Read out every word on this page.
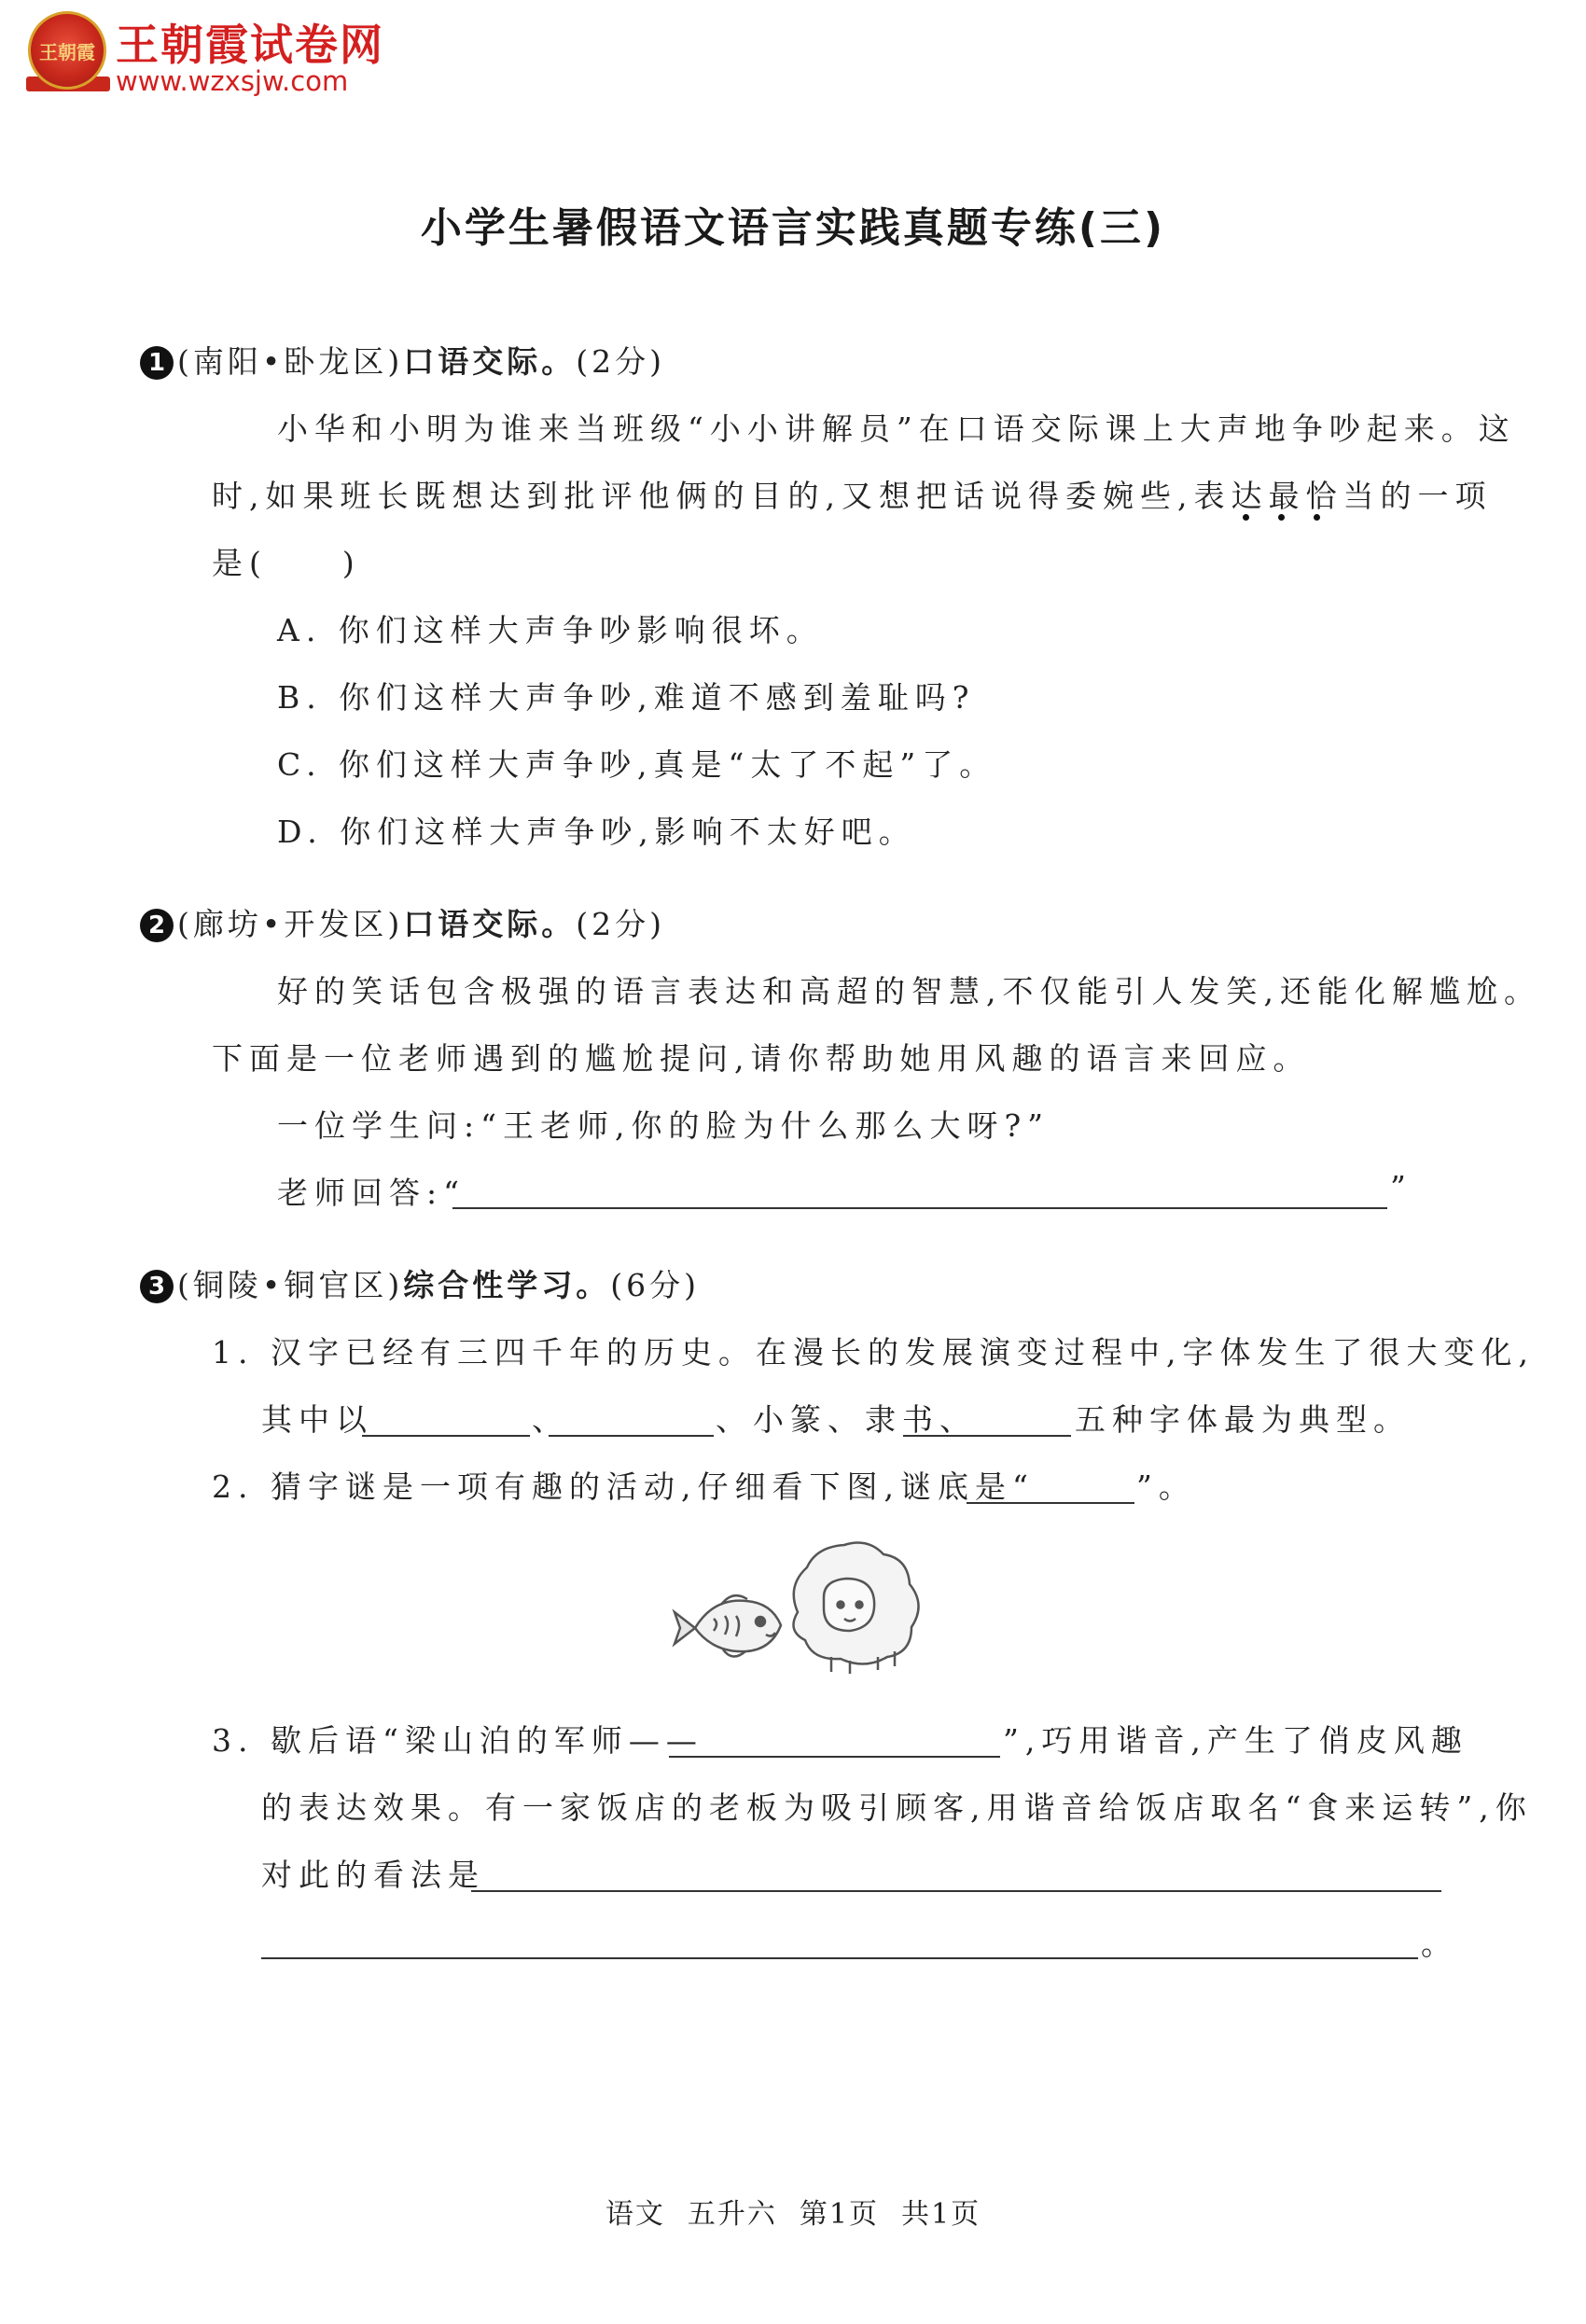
王朝霞 王朝霞试卷网
www.wzxsjw.com
小学生暑假语文语言实践真题专练(三)
1 (南阳•卧龙区)口语交际。(2分)
小华和小明为谁来当班级“小小讲解员”在口语交际课上大声地争吵起来。这
时,如果班长既想达到批评他俩的目的,又想把话说得委婉些,表达最恰当的一项
是(　　)
A. 你们这样大声争吵影响很坏。
B. 你们这样大声争吵,难道不感到羞耻吗?
C. 你们这样大声争吵,真是“太了不起”了。
D. 你们这样大声争吵,影响不太好吧。
2 (廊坊•开发区)口语交际。(2分)
好的笑话包含极强的语言表达和高超的智慧,不仅能引人发笑,还能化解尴尬。
下面是一位老师遇到的尴尬提问,请你帮助她用风趣的语言来回应。
一位学生问:“王老师,你的脸为什么那么大呀?”
老师回答:“	”
3 (铜陵•铜官区)综合性学习。(6分)
1. 汉字已经有三四千年的历史。在漫长的发展演变过程中,字体发生了很大变化,
其中以	、	、小篆、隶书、	五种字体最为典型。
2. 猜字谜是一项有趣的活动,仔细看下图,谜底是“	”。
3. 歇后语“梁山泊的军师——	”,巧用谐音,产生了俏皮风趣
的表达效果。有一家饭店的老板为吸引顾客,用谐音给饭店取名“食来运转”,你
对此的看法是
。
语文 五升六 第1页 共1页
